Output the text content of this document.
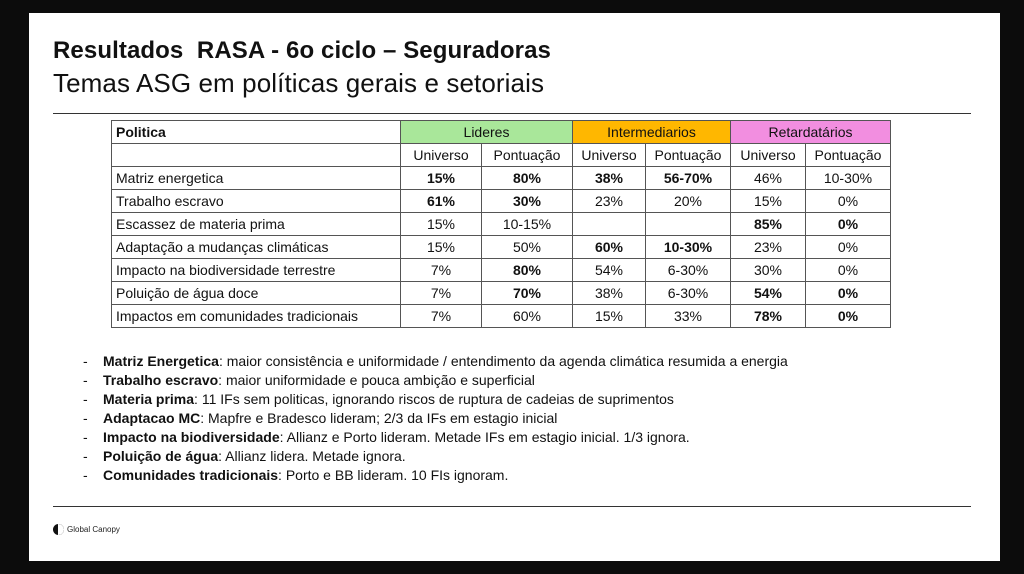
Resultados  RASA - 6o ciclo – Seguradoras
Temas ASG em políticas gerais e setoriais
Politica	Lideres		Intermediarios		Retardatários	
	Universo	Pontuação	Universo	Pontuação	Universo	Pontuação
Matriz energetica	15%	80%	38%	56-70%	46%	10-30%
Trabalho escravo	61%	30%	23%	20%	15%	0%
Escassez de materia prima	15%	10-15%			85%	0%
Adaptação a mudanças climáticas	15%	50%	60%	10-30%	23%	0%
Impacto na biodiversidade terrestre	7%	80%	54%	6-30%	30%	0%
Poluição de água doce	7%	70%	38%	6-30%	54%	0%
Impactos em comunidades tradicionais	7%	60%	15%	33%	78%	0%
- Matriz Energetica: maior consistência e uniformidade / entendimento da agenda climática resumida a energia
- Trabalho escravo: maior uniformidade e pouca ambição e superficial
- Materia prima: 11 IFs sem politicas, ignorando riscos de ruptura de cadeias de suprimentos
- Adaptacao MC: Mapfre e Bradesco lideram; 2/3 da IFs em estagio inicial
- Impacto na biodiversidade: Allianz e Porto lideram. Metade IFs em estagio inicial. 1/3 ignora.
- Poluição de água: Allianz lidera. Metade ignora.
- Comunidades tradicionais: Porto e BB lideram. 10 FIs ignoram.
Global Canopy
